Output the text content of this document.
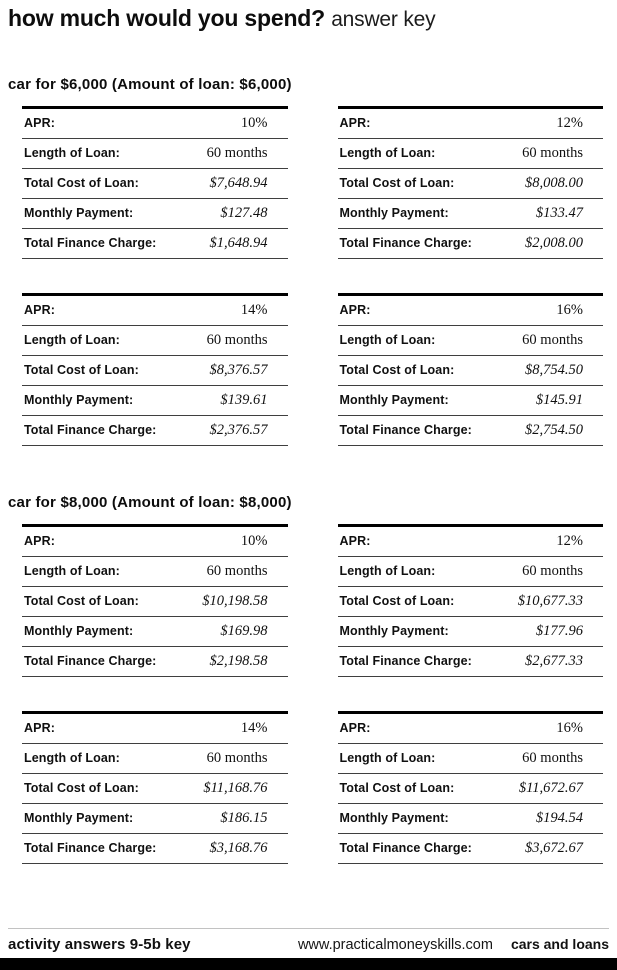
how much would you spend? answer key
car for $6,000 (Amount of loan: $6,000)
APR:	10%
Length of Loan:	60 months
Total Cost of Loan:	$7,648.94
Monthly Payment:	$127.48
Total Finance Charge:	$1,648.94
APR:	12%
Length of Loan:	60 months
Total Cost of Loan:	$8,008.00
Monthly Payment:	$133.47
Total Finance Charge:	$2,008.00
APR:	14%
Length of Loan:	60 months
Total Cost of Loan:	$8,376.57
Monthly Payment:	$139.61
Total Finance Charge:	$2,376.57
APR:	16%
Length of Loan:	60 months
Total Cost of Loan:	$8,754.50
Monthly Payment:	$145.91
Total Finance Charge:	$2,754.50
car for $8,000 (Amount of loan: $8,000)
APR:	10%
Length of Loan:	60 months
Total Cost of Loan:	$10,198.58
Monthly Payment:	$169.98
Total Finance Charge:	$2,198.58
APR:	12%
Length of Loan:	60 months
Total Cost of Loan:	$10,677.33
Monthly Payment:	$177.96
Total Finance Charge:	$2,677.33
APR:	14%
Length of Loan:	60 months
Total Cost of Loan:	$11,168.76
Monthly Payment:	$186.15
Total Finance Charge:	$3,168.76
APR:	16%
Length of Loan:	60 months
Total Cost of Loan:	$11,672.67
Monthly Payment:	$194.54
Total Finance Charge:	$3,672.67
activity answers 9-5b key	www.practicalmoneyskills.com cars and loans
